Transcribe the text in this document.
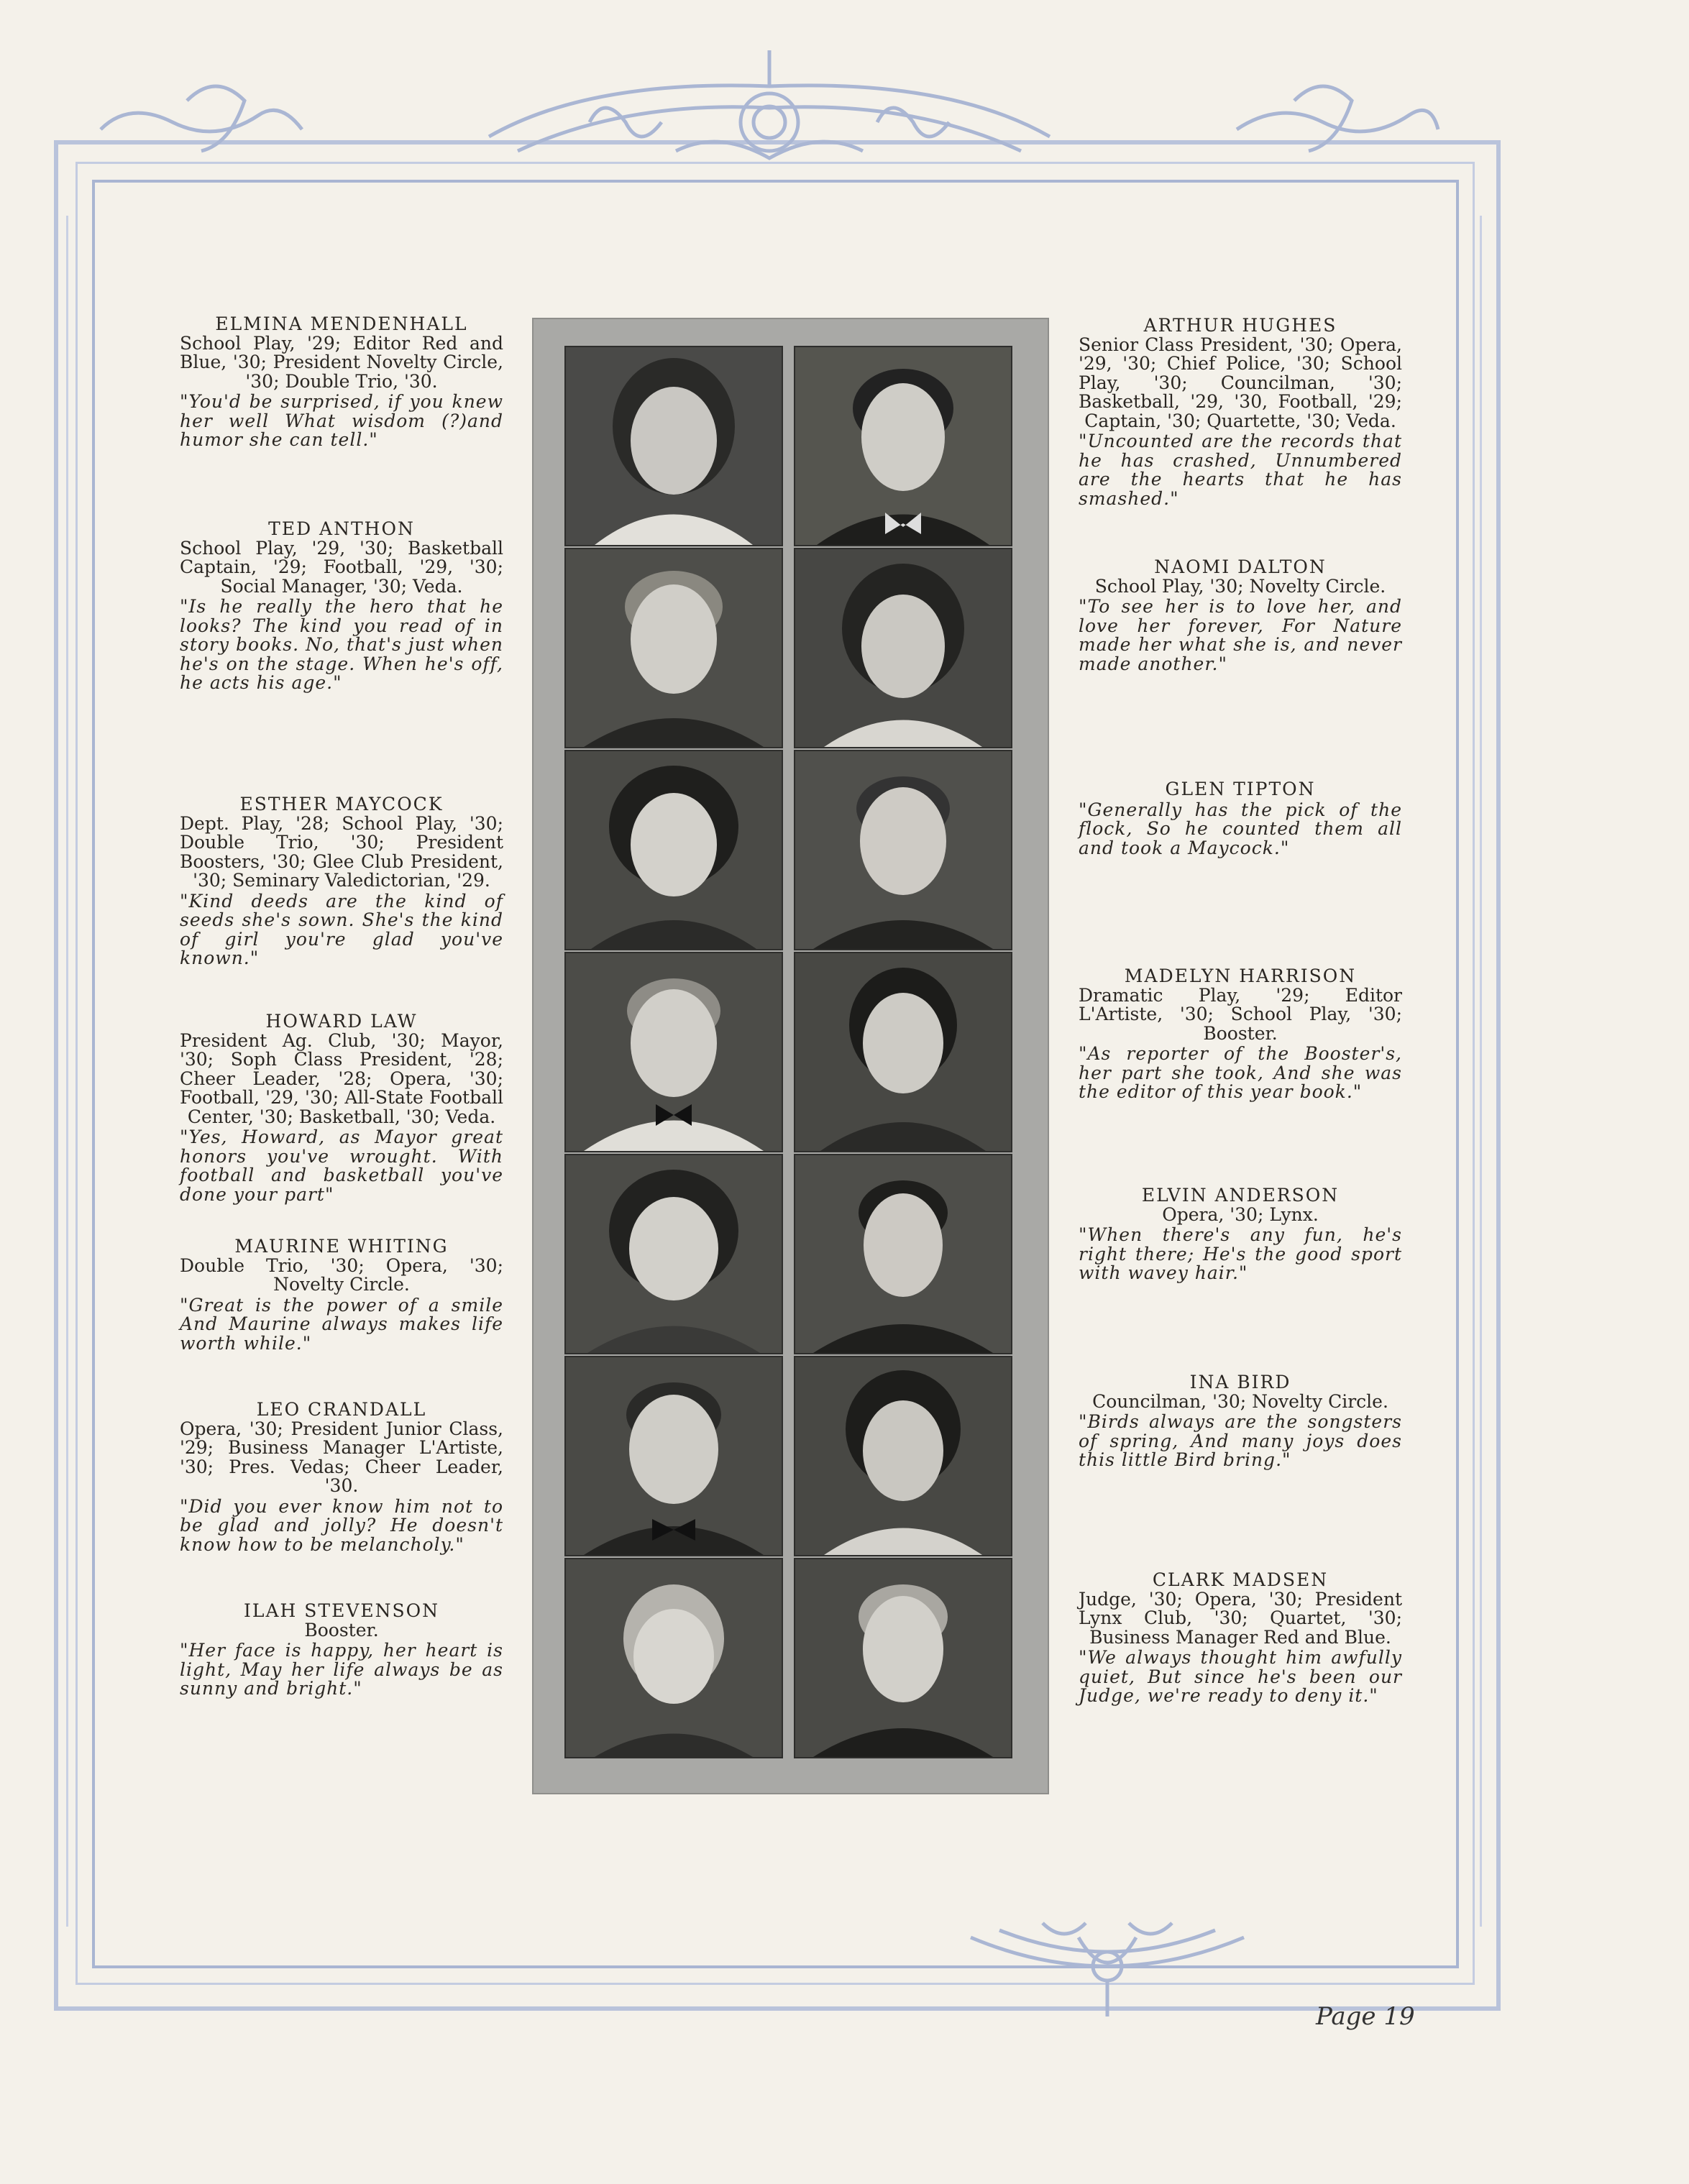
ELMINA MENDENHALL
School Play, '29; Editor Red and Blue, '30; President Novelty Circle, '30; Double Trio, '30.
"You'd be surprised, if you knew her well What wisdom (?)and humor she can tell."
TED ANTHON
School Play, '29, '30; Basketball Captain, '29; Football, '29, '30; Social Manager, '30; Veda.
"Is he really the hero that he looks? The kind you read of in story books. No, that's just when he's on the stage. When he's off, he acts his age."
ESTHER MAYCOCK
Dept. Play, '28; School Play, '30; Double Trio, '30; President Boosters, '30; Glee Club President, '30; Seminary Valedictorian, '29.
"Kind deeds are the kind of seeds she's sown. She's the kind of girl you're glad you've known."
HOWARD LAW
President Ag. Club, '30; Mayor, '30; Soph Class President, '28; Cheer Leader, '28; Opera, '30; Football, '29, '30; All-State Football Center, '30; Basketball, '30; Veda.
"Yes, Howard, as Mayor great honors you've wrought. With football and basketball you've done your part"
MAURINE WHITING
Double Trio, '30; Opera, '30; Novelty Circle.
"Great is the power of a smile And Maurine always makes life worth while."
LEO CRANDALL
Opera, '30; President Junior Class, '29; Business Manager L'Artiste, '30; Pres. Vedas; Cheer Leader, '30.
"Did you ever know him not to be glad and jolly? He doesn't know how to be melancholy."
ILAH STEVENSON
Booster.
"Her face is happy, her heart is light, May her life always be as sunny and bright."
ARTHUR HUGHES
Senior Class President, '30; Opera, '29, '30; Chief Police, '30; School Play, '30; Councilman, '30; Basketball, '29, '30, Football, '29; Captain, '30; Quartette, '30; Veda.
"Uncounted are the records that he has crashed, Unnumbered are the hearts that he has smashed."
NAOMI DALTON
School Play, '30; Novelty Circle.
"To see her is to love her, and love her forever, For Nature made her what she is, and never made another."
GLEN TIPTON
"Generally has the pick of the flock, So he counted them all and took a Maycock."
MADELYN HARRISON
Dramatic Play, '29; Editor L'Artiste, '30; School Play, '30; Booster.
"As reporter of the Booster's, her part she took, And she was the editor of this year book."
ELVIN ANDERSON
Opera, '30; Lynx.
"When there's any fun, he's right there; He's the good sport with wavey hair."
INA BIRD
Councilman, '30; Novelty Circle.
"Birds always are the songsters of spring, And many joys does this little Bird bring."
CLARK MADSEN
Judge, '30; Opera, '30; President Lynx Club, '30; Quartet, '30; Business Manager Red and Blue.
"We always thought him awfully quiet, But since he's been our Judge, we're ready to deny it."
Page 19
